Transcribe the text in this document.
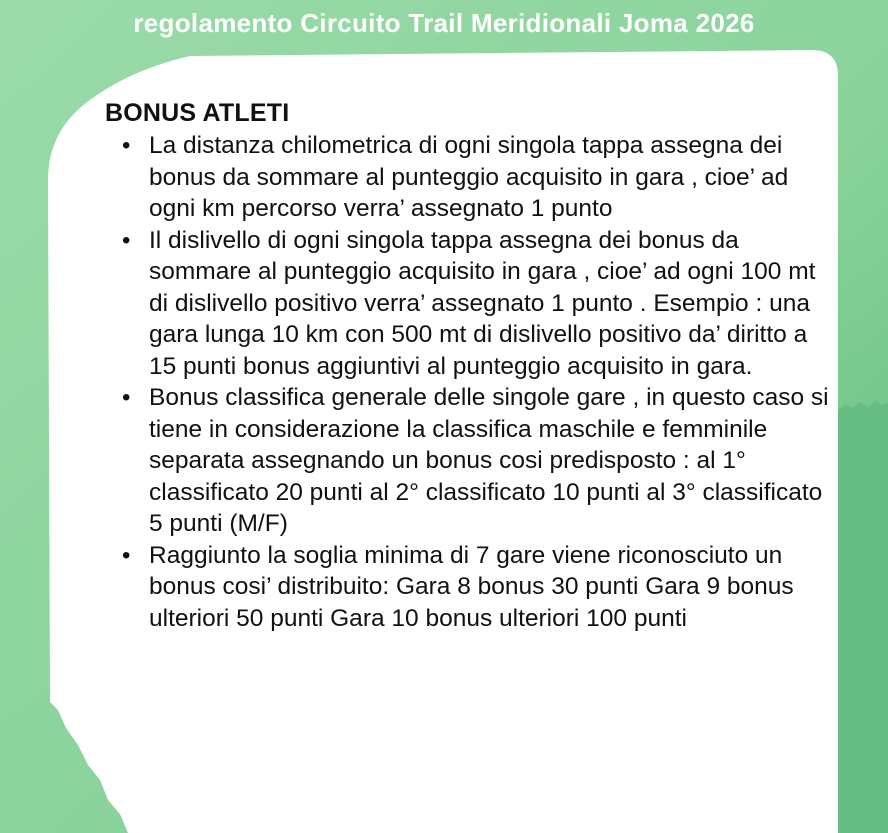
regolamento Circuito Trail Meridionali Joma 2026
BONUS ATLETI
• La distanza chilometrica di ogni singola tappa assegna dei bonus da sommare al punteggio acquisito in gara , cioe’ ad ogni km percorso verra’ assegnato 1 punto
• Il dislivello di ogni singola tappa assegna dei bonus da sommare al punteggio acquisito in gara , cioe’ ad ogni 100 mt di dislivello positivo verra’ assegnato 1 punto . Esempio : una gara lunga 10 km con 500 mt di dislivello positivo da’ diritto a 15 punti bonus aggiuntivi al punteggio acquisito in gara.
• Bonus classifica generale delle singole gare , in questo caso si tiene in considerazione la classifica maschile e femminile separata assegnando un bonus cosi predisposto : al 1° classificato 20 punti al 2° classificato 10 punti al 3° classificato 5 punti (M/F)
• Raggiunto la soglia minima di 7 gare viene riconosciuto un bonus cosi’ distribuito: Gara 8 bonus 30 punti Gara 9 bonus ulteriori 50 punti Gara 10 bonus ulteriori 100 punti
